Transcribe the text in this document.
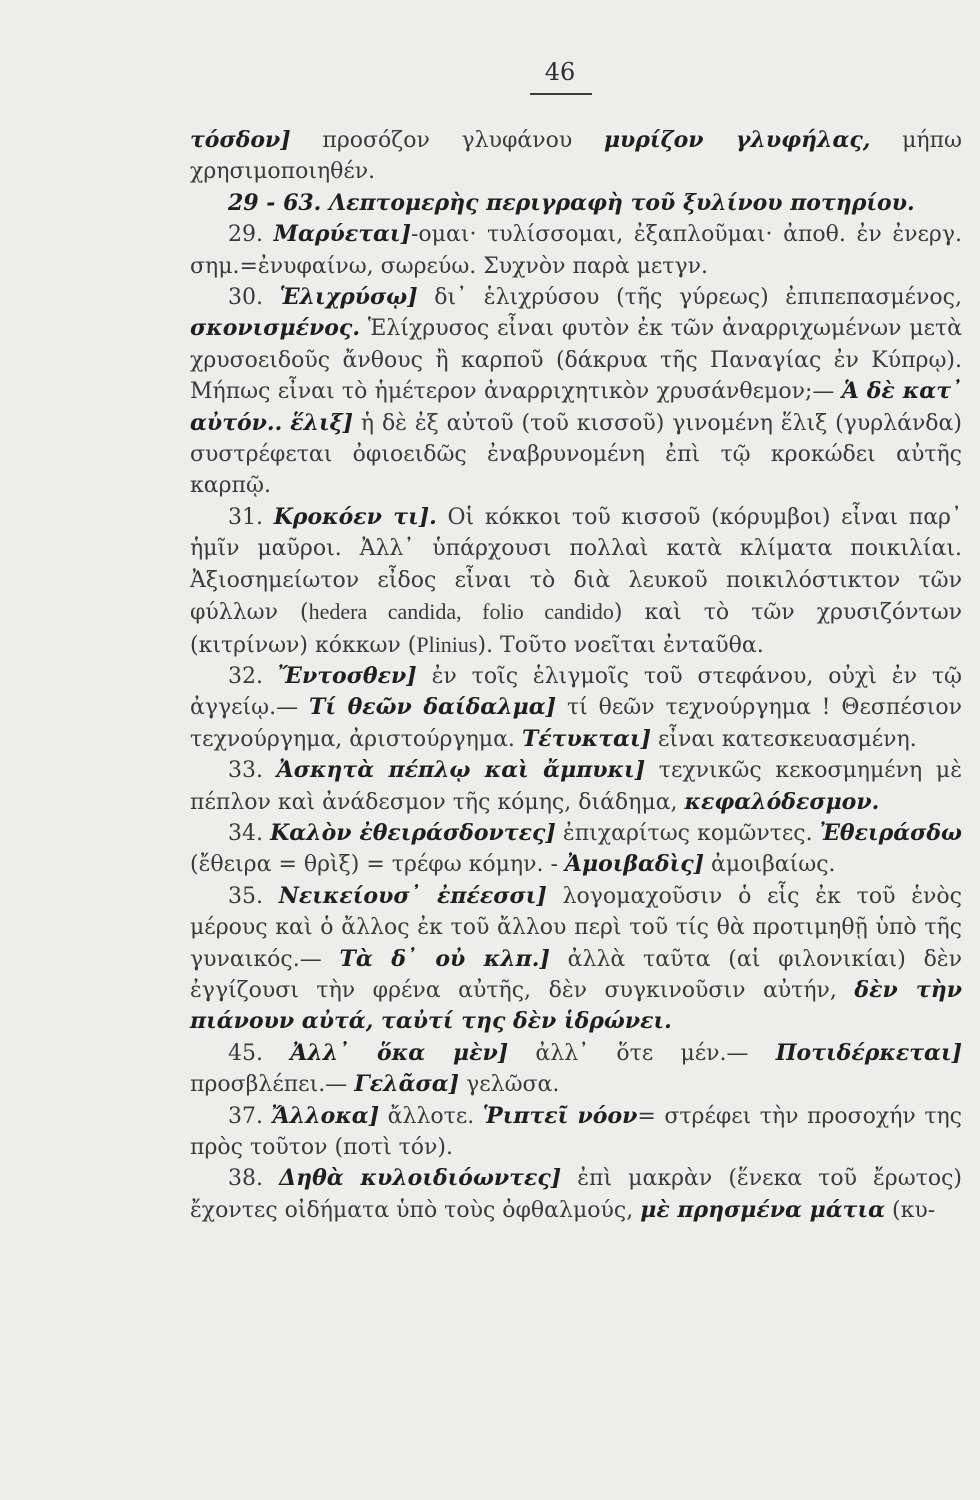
46

τόσδον] προσόζον γλυφάνου μυρίζον γλυφήλας, μήπω χρησιμοποιηθέν.

29 - 63. Λεπτομερὴς περιγραφὴ τοῦ ξυλίνου ποτηρίου.

29. Μαρύεται]-ομαι· τυλίσσομαι, ἐξαπλοῦμαι· ἀποθ. ἐν ἐνεργ. σημ.=ἐνυφαίνω, σωρεύω. Συχνὸν παρὰ μετγν.

30. Ἑλιχρύσῳ] δι᾽ ἑλιχρύσου (τῆς γύρεως) ἐπιπεπασμένος, σκονισμένος. Ἑλίχρυσος εἶναι φυτὸν ἐκ τῶν ἀναρριχωμένων μετὰ χρυσοειδοῦς ἄνθους ἢ καρποῦ (δάκρυα τῆς Παναγίας ἐν Κύπρῳ). Μήπως εἶναι τὸ ἡμέτερον ἀναρριχητικὸν χρυσάνθεμον;— Ἁ δὲ κατ᾽ αὐτόν.. ἕλιξ] ἡ δὲ ἐξ αὐτοῦ (τοῦ κισσοῦ) γινομένη ἕλιξ (γυρλάνδα) συστρέφεται ὀφιοειδῶς ἐναβρυνομένη ἐπὶ τῷ κροκώδει αὐτῆς καρπῷ.

31. Κροκόεν τι]. Οἱ κόκκοι τοῦ κισσοῦ (κόρυμβοι) εἶναι παρ᾽ ἡμῖν μαῦροι. Ἀλλ᾽ ὑπάρχουσι πολλαὶ κατὰ κλίματα ποικιλίαι. Ἀξιοσημείωτον εἶδος εἶναι τὸ διὰ λευκοῦ ποικιλόστικτον τῶν φύλλων (hedera candida, folio candido) καὶ τὸ τῶν χρυσιζόντων (κιτρίνων) κόκκων (Plinius). Τοῦτο νοεῖται ἐνταῦθα.

32. Ἔντοσθεν] ἐν τοῖς ἑλιγμοῖς τοῦ στεφάνου, οὐχὶ ἐν τῷ ἀγγείῳ.— Τί θεῶν δαίδαλμα] τί θεῶν τεχνούργημα ! Θεσπέσιον τεχνούργημα, ἀριστούργημα. Τέτυκται] εἶναι κατεσκευασμένη.

33. Ἀσκητὰ πέπλῳ καὶ ἄμπυκι] τεχνικῶς κεκοσμημένη μὲ πέπλον καὶ ἀνάδεσμον τῆς κόμης, διάδημα, κεφαλόδεσμον.

34. Καλὸν ἐθειράσδοντες] ἐπιχαρίτως κομῶντες. Ἐθειράσδω (ἔθειρα = θρὶξ) = τρέφω κόμην. - Ἀμοιβαδὶς] ἀμοιβαίως.

35. Νεικείουσ᾽ ἐπέεσσι] λογομαχοῦσιν ὁ εἷς ἐκ τοῦ ἑνὸς μέρους καὶ ὁ ἄλλος ἐκ τοῦ ἄλλου περὶ τοῦ τίς θὰ προτιμηθῇ ὑπὸ τῆς γυναικός.— Τὰ δ᾽ οὐ κλπ.] ἀλλὰ ταῦτα (αἱ φιλονικίαι) δὲν ἐγγίζουσι τὴν φρένα αὐτῆς, δὲν συγκινοῦσιν αὐτήν, δὲν τὴν πιάνουν αὐτά, ταὐτί της δὲν ἱδρώνει.

45. Ἀλλ᾽ ὅκα μὲν] ἀλλ᾽ ὅτε μέν.— Ποτιδέρκεται] προσβλέπει.— Γελᾶσα] γελῶσα.

37. Ἄλλοκα] ἄλλοτε. Ῥιπτεῖ νόον= στρέφει τὴν προσοχήν της πρὸς τοῦτον (ποτὶ τόν).

38. Δηθὰ κυλοιδιόωντες] ἐπὶ μακρὰν (ἕνεκα τοῦ ἔρωτος) ἔχοντες οἰδήματα ὑπὸ τοὺς ὀφθαλμούς, μὲ πρησμένα μάτια (κυ-
